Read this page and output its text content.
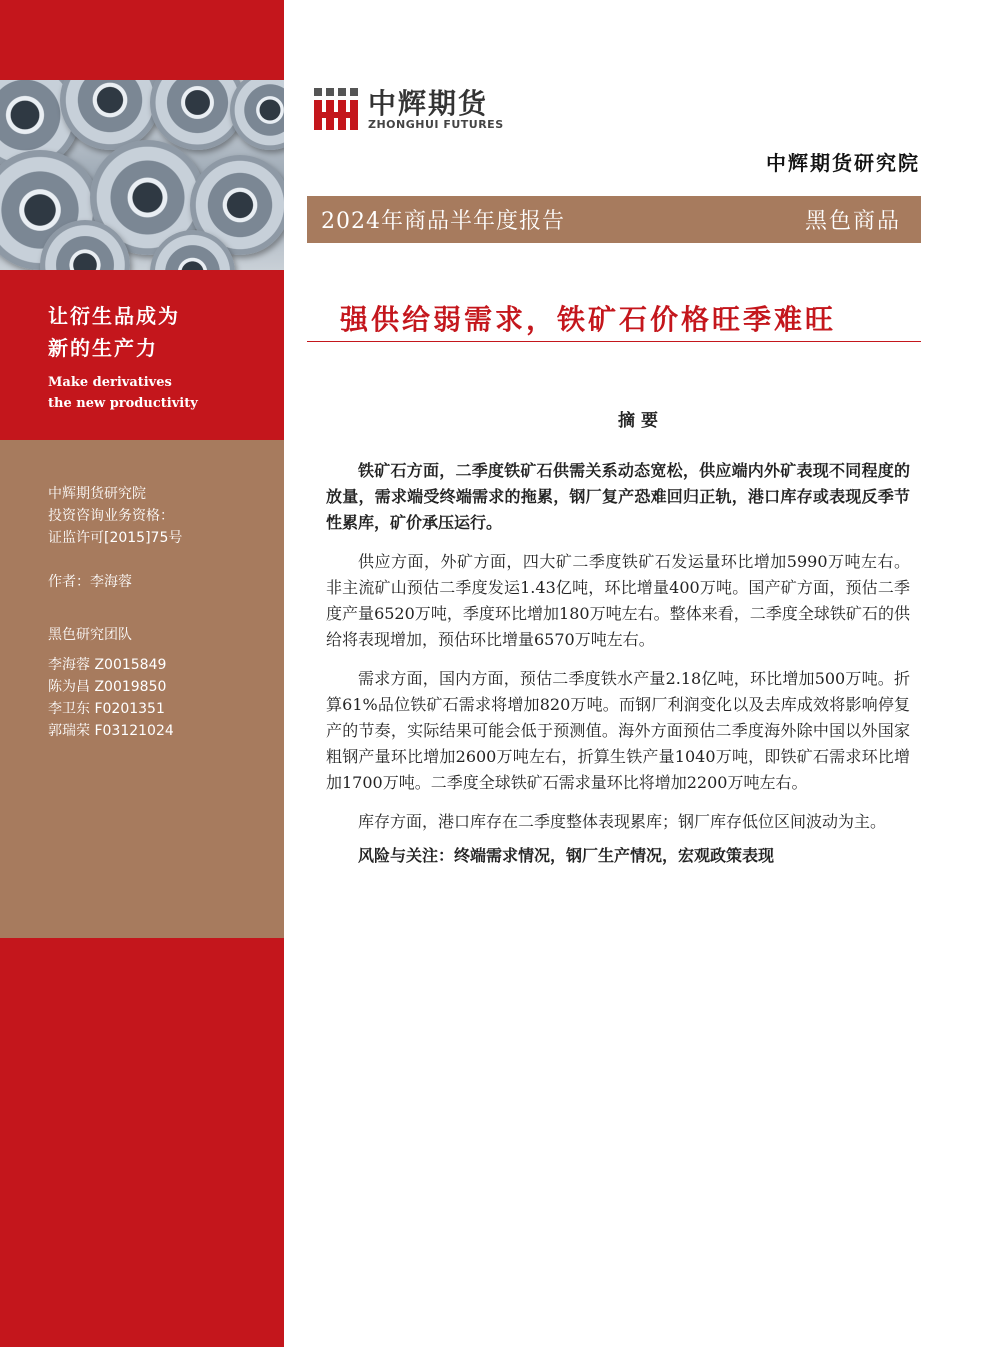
让衍生品成为
新的生产力
Make derivatives
the new productivity
中辉期货研究院
投资咨询业务资格：
证监许可[2015]75号
作者：李海蓉
黑色研究团队
李海蓉 Z0015849
陈为昌 Z0019850
李卫东 F0201351
郭瑞荣 F03121024
中辉期货
ZHONGHUI FUTURES
中辉期货研究院
2024年商品半年度报告	黑色商品
强供给弱需求，铁矿石价格旺季难旺
摘要

铁矿石方面，二季度铁矿石供需关系动态宽松，供应端内外矿表现不同程度的放量，需求端受终端需求的拖累，钢厂复产恐难回归正轨，港口库存或表现反季节性累库，矿价承压运行。

供应方面，外矿方面，四大矿二季度铁矿石发运量环比增加5990万吨左右。非主流矿山预估二季度发运1.43亿吨，环比增量400万吨。国产矿方面，预估二季度产量6520万吨，季度环比增加180万吨左右。整体来看，二季度全球铁矿石的供给将表现增加，预估环比增量6570万吨左右。

需求方面，国内方面，预估二季度铁水产量2.18亿吨，环比增加500万吨。折算61%品位铁矿石需求将增加820万吨。而钢厂利润变化以及去库成效将影响停复产的节奏，实际结果可能会低于预测值。海外方面预估二季度海外除中国以外国家粗钢产量环比增加2600万吨左右，折算生铁产量1040万吨，即铁矿石需求环比增加1700万吨。二季度全球铁矿石需求量环比将增加2200万吨左右。

库存方面，港口库存在二季度整体表现累库；钢厂库存低位区间波动为主。

风险与关注：终端需求情况，钢厂生产情况，宏观政策表现
